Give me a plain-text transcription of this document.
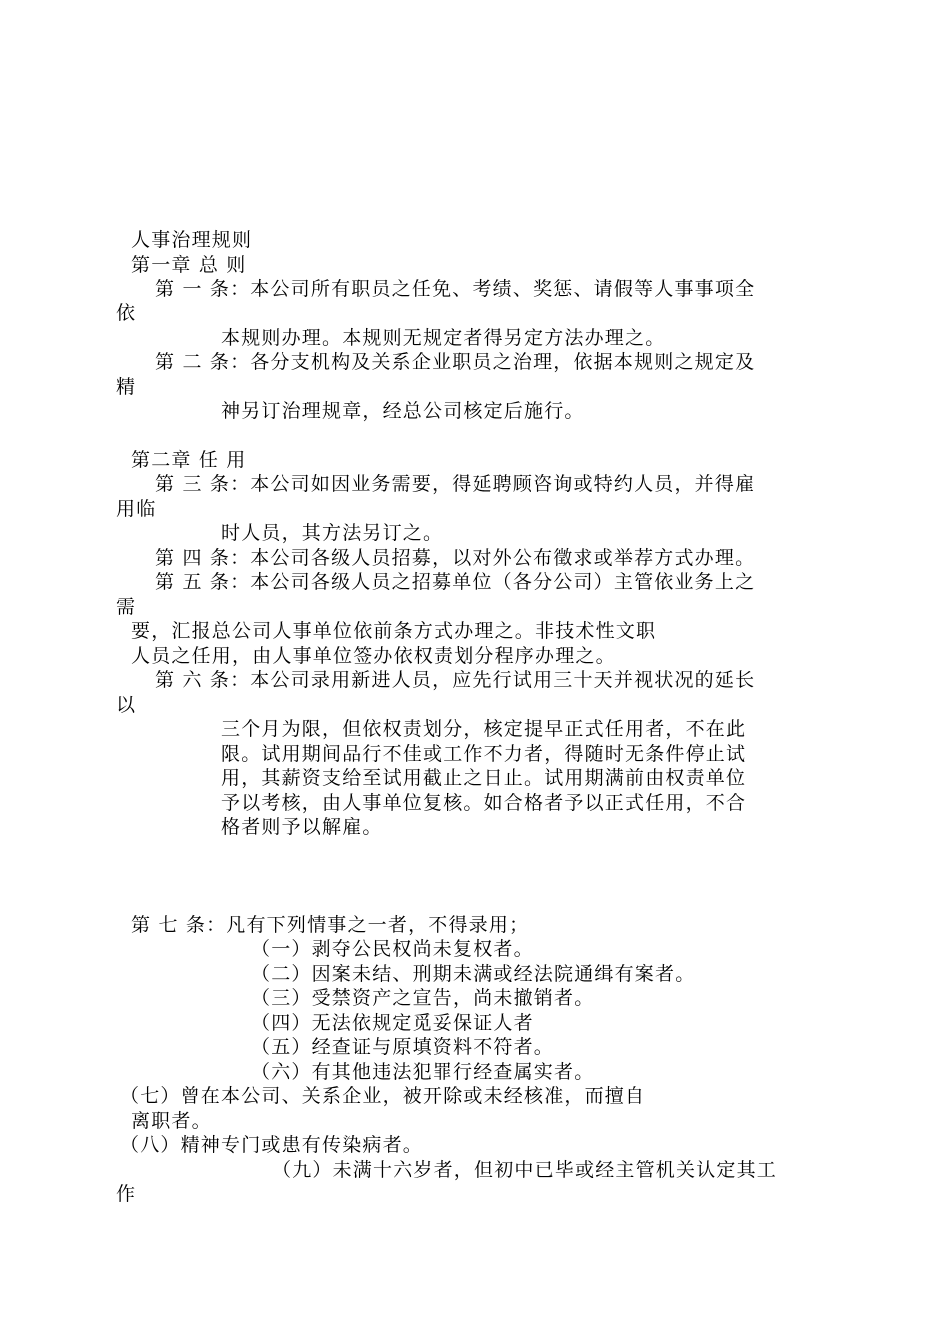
人事治理规则
第一章 总 则
第 一 条：本公司所有职员之任免、考绩、奖惩、请假等人事事项全
依
本规则办理。本规则无规定者得另定方法办理之。
第 二 条：各分支机构及关系企业职员之治理，依据本规则之规定及
精
神另订治理规章，经总公司核定后施行。
第二章 任 用
第 三 条：本公司如因业务需要，得延聘顾咨询或特约人员，并得雇
用临
时人员，其方法另订之。
第 四 条：本公司各级人员招募，以对外公布徵求或举荐方式办理。
第 五 条：本公司各级人员之招募单位（各分公司）主管依业务上之
需
要，汇报总公司人事单位依前条方式办理之。非技术性文职
人员之任用，由人事单位签办依权责划分程序办理之。
第 六 条：本公司录用新进人员，应先行试用三十天并视状况的延长
以
三个月为限，但依权责划分，核定提早正式任用者，不在此
限。试用期间品行不佳或工作不力者，得随时无条件停止试
用，其薪资支给至试用截止之日止。试用期满前由权责单位
予以考核，由人事单位复核。如合格者予以正式任用，不合
格者则予以解雇。
第 七 条：凡有下列情事之一者，不得录用；
（一）剥夺公民权尚未复权者。
（二）因案未结、刑期未满或经法院通缉有案者。
（三）受禁资产之宣告，尚未撤销者。
（四）无法依规定觅妥保证人者
（五）经查证与原填资料不符者。
（六）有其他违法犯罪行经查属实者。
（七）曾在本公司、关系企业，被开除或未经核准，而擅自
离职者。
（八）精神专门或患有传染病者。
（九）未满十六岁者，但初中已毕或经主管机关认定其工
作
